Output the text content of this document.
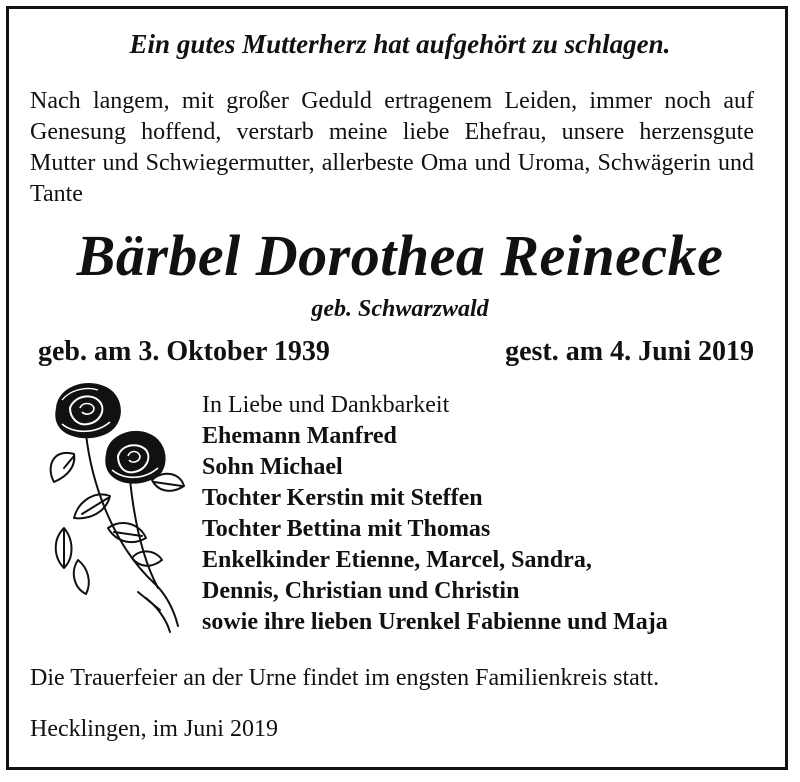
Ein gutes Mutterherz hat aufgehört zu schlagen.
Nach langem, mit großer Geduld ertragenem Leiden, immer noch auf Genesung hoffend, verstarb meine liebe Ehefrau, unsere herzensgute Mutter und Schwiegermutter, allerbeste Oma und Uroma, Schwägerin und Tante
Bärbel Dorothea Reinecke
geb. Schwarzwald
geb. am 3. Oktober 1939	gest. am 4. Juni 2019
In Liebe und Dankbarkeit
Ehemann Manfred
Sohn Michael
Tochter Kerstin mit Steffen
Tochter Bettina mit Thomas
Enkelkinder Etienne, Marcel, Sandra,
Dennis, Christian und Christin
sowie ihre lieben Urenkel Fabienne und Maja
Die Trauerfeier an der Urne findet im engsten Familienkreis statt.
Hecklingen, im Juni 2019
